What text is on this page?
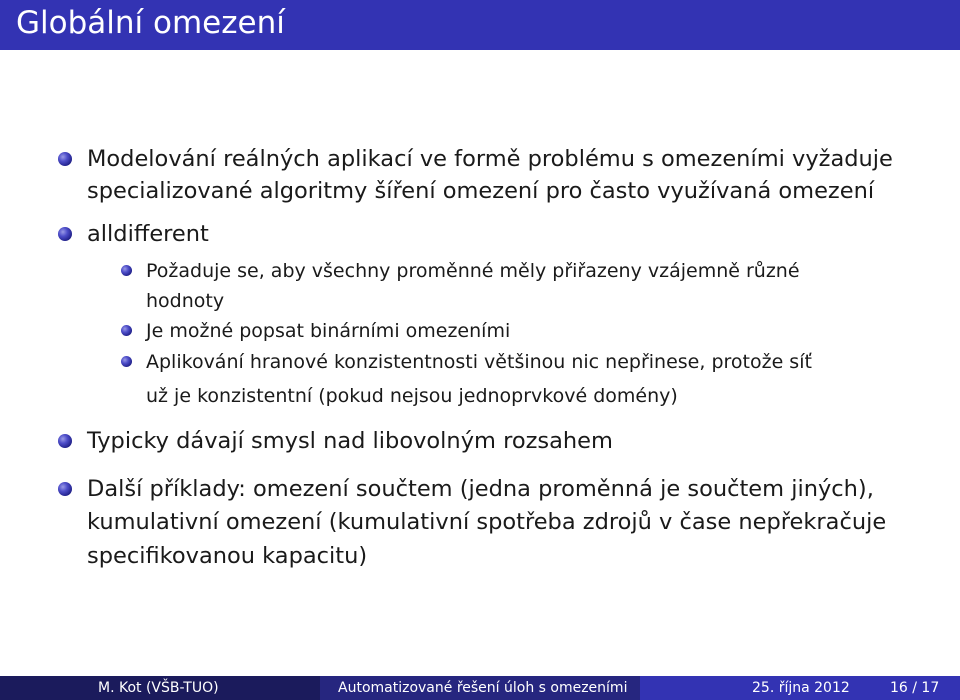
Globální omezení
Modelování reálných aplikací ve formě problému s omezeními vyžaduje
specializované algoritmy šíření omezení pro často využívaná omezení
alldifferent
Požaduje se, aby všechny proměnné měly přiřazeny vzájemně různé
hodnoty
Je možné popsat binárními omezeními
Aplikování hranové konzistentnosti většinou nic nepřinese, protože síť
už je konzistentní (pokud nejsou jednoprvkové domény)
Typicky dávají smysl nad libovolným rozsahem
Další příklady: omezení součtem (jedna proměnná je součtem jiných),
kumulativní omezení (kumulativní spotřeba zdrojů v čase nepřekračuje
specifikovanou kapacitu)
M. Kot (VŠB-TUO)	Automatizované řešení úloh s omezeními	25. října 2012	16 / 17
